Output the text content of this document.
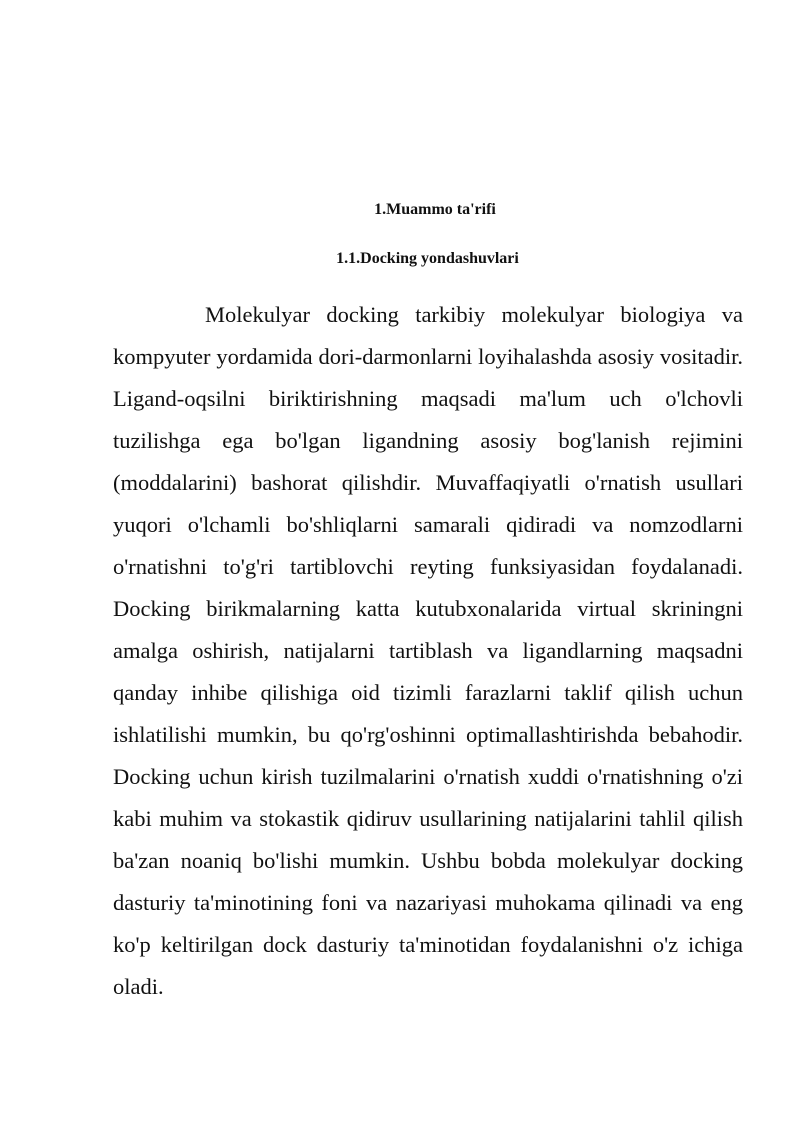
1.Muammo ta'rifi
1.1.Docking yondashuvlari

Molekulyar docking tarkibiy molekulyar biologiya va kompyuter yordamida dori-darmonlarni loyihalashda asosiy vositadir. Ligand-oqsilni biriktirishning maqsadi ma'lum uch o'lchovli tuzilishga ega bo'lgan ligandning asosiy bog'lanish rejimini (moddalarini) bashorat qilishdir. Muvaffaqiyatli o'rnatish usullari yuqori o'lchamli bo'shliqlarni samarali qidiradi va nomzodlarni o'rnatishni to'g'ri tartiblovchi reyting funksiyasidan foydalanadi. Docking birikmalarning katta kutubxonalarida virtual skriningni amalga oshirish, natijalarni tartiblash va ligandlarning maqsadni qanday inhibe qilishiga oid tizimli farazlarni taklif qilish uchun ishlatilishi mumkin, bu qo'rg'oshinni optimallashtirishda bebahodir. Docking uchun kirish tuzilmalarini o'rnatish xuddi o'rnatishning o'zi kabi muhim va stokastik qidiruv usullarining natijalarini tahlil qilish ba'zan noaniq bo'lishi mumkin. Ushbu bobda molekulyar docking dasturiy ta'minotining foni va nazariyasi muhokama qilinadi va eng ko'p keltirilgan dock dasturiy ta'minotidan foydalanishni o'z ichiga oladi.
